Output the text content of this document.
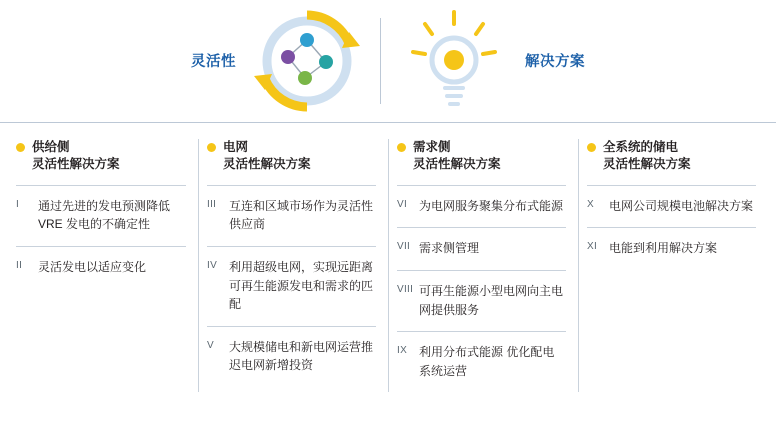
灵活性	解决方案
供给侧
灵活性解决方案
I	通过先进的发电预测降低 VRE 发电的不确定性
II	灵活发电以适应变化
电网
灵活性解决方案
III	互连和区域市场作为灵活性供应商
IV 利用超级电网，实现远距离可再生能源发电和需求的匹配
V	大规模储电和新电网运营推迟电网新增投资
需求侧
灵活性解决方案
VI 为电网服务聚集分布式能源
VII 需求侧管理
VIII 可再生能源小型电网向主电网提供服务
IX 利用分布式能源 优化配电系统运营
全系统的储电
灵活性解决方案
X	电网公司规模电池解决方案
XI 电能到利用解决方案
